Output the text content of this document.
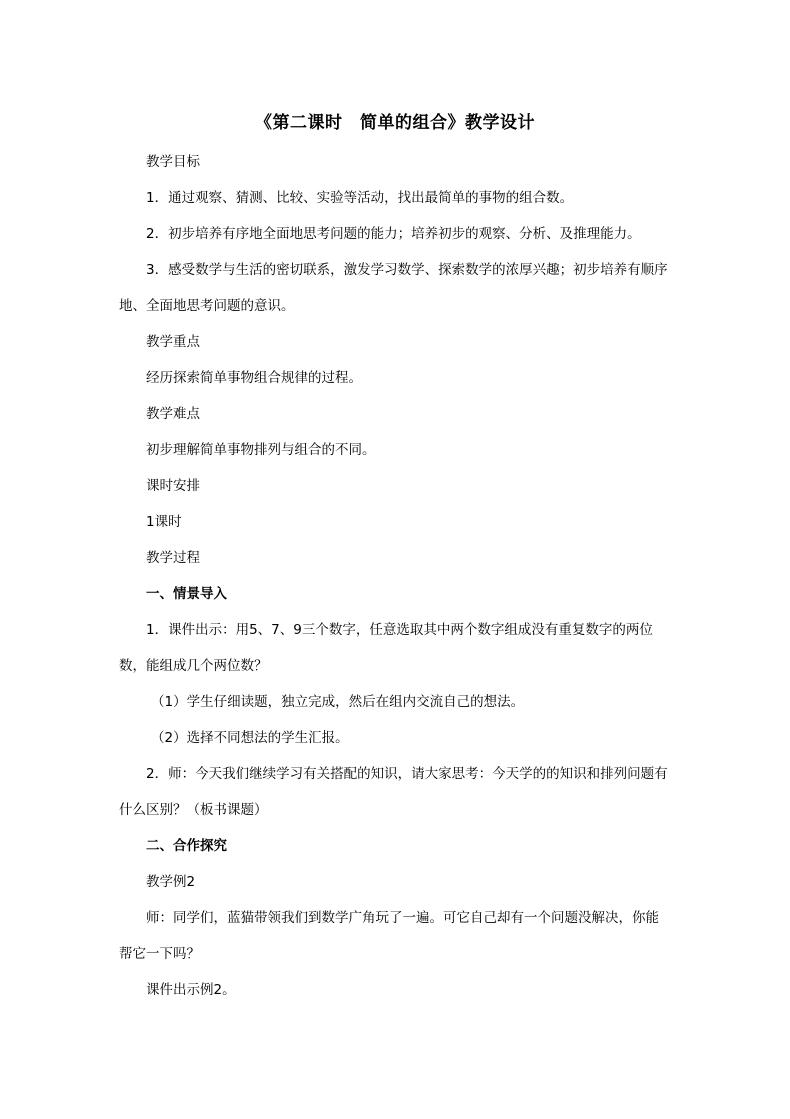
《第二课时　简单的组合》教学设计

教学目标

1．通过观察、猜测、比较、实验等活动，找出最简单的事物的组合数。

2．初步培养有序地全面地思考问题的能力；培养初步的观察、分析、及推理能力。

3．感受数学与生活的密切联系，激发学习数学、探索数学的浓厚兴趣；初步培养有顺序地、全面地思考问题的意识。

教学重点

经历探索简单事物组合规律的过程。

教学难点

初步理解简单事物排列与组合的不同。

课时安排

1课时

教学过程

一、情景导入

1．课件出示：用5、7、9三个数字，任意选取其中两个数字组成没有重复数字的两位数，能组成几个两位数？

（1）学生仔细读题，独立完成，然后在组内交流自己的想法。

（2）选择不同想法的学生汇报。

2．师：今天我们继续学习有关搭配的知识，请大家思考：今天学的的知识和排列问题有什么区别？（板书课题）

二、合作探究

教学例2

师：同学们，蓝猫带领我们到数学广角玩了一遍。可它自己却有一个问题没解决，你能帮它一下吗？

课件出示例2。
